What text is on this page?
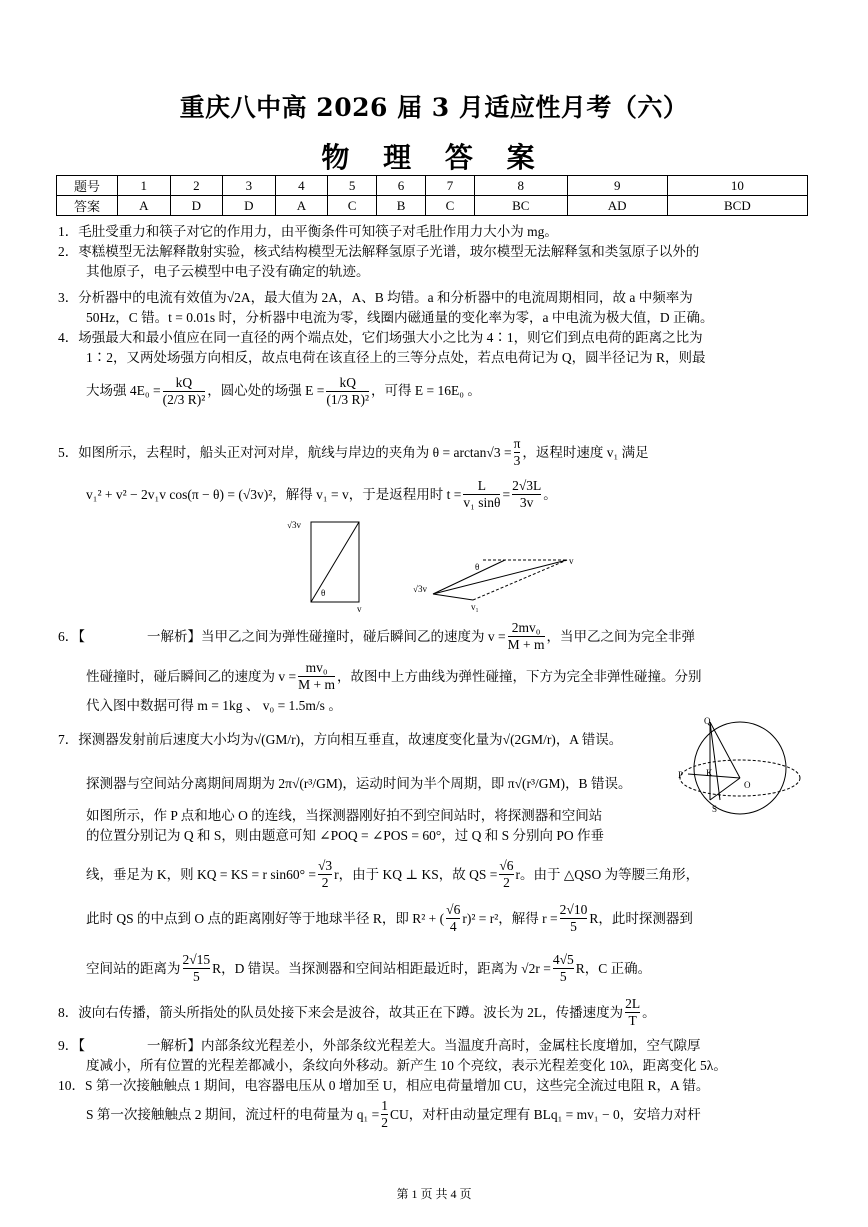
重庆八中高 2026 届 3 月适应性月考（六）
物 理 答 案
题号	1	2	3	4	5	6	7	8	9	10
答案	A	D	D	A	C	B	C	BC	AD	BCD
1．毛肚受重力和筷子对它的作用力，由平衡条件可知筷子对毛肚作用力大小为 mg。
2．枣糕模型无法解释散射实验，核式结构模型无法解释氢原子光谱，玻尔模型无法解释氢和类氢原子以外的
其他原子，电子云模型中电子没有确定的轨迹。
3．分析器中的电流有效值为√2A，最大值为 2A，A、B 均错。a 和分析器中的电流周期相同，故 a 中频率为
50Hz，C 错。t = 0.01s 时，分析器中电流为零，线圈内磁通量的变化率为零，a 中电流为极大值，D 正确。
4．场强最大和最小值应在同一直径的两个端点处，它们场强大小之比为 4∶1，则它们到点电荷的距离之比为
1∶2，又两处场强方向相反，故点电荷在该直径上的三等分点处，若点电荷记为 Q，圆半径记为 R，则最
大场强 $4E_0 = \frac{kQ}{\text{(2/3 R)²}}$ ，圆心处的场强 $E = \frac{kQ}{\text{(1/3 R)²}}$ ，可得 E = 16E₀ 。
5．如图所示，去程时，船头正对河对岸，航线与岸边的夹角为 $\theta = \arctan√3 = \frac{\pi}{3}$ ，返程时速度 v₁ 满足
v₁² + v² − 2v₁v cos(π − θ) = (√3v)²，解得 v₁ = v，于是返程用时 $t = \frac{L}{\text{v₁ sinθ}} = \frac{2√3L}{3v}$ 。
6．【	一解析】当甲乙之间为弹性碰撞时，碰后瞬间乙的速度为 $v = \frac{\text{2mv₀}}{M + m}$ ，当甲乙之间为完全非弹
性碰撞时，碰后瞬间乙的速度为 $v = \frac{\text{mv₀}}{M + m}$ ，故图中上方曲线为弹性碰撞，下方为完全非弹性碰撞。分别
代入图中数据可得 m = 1kg 、 v₀ = 1.5m/s 。
7．探测器发射前后速度大小均为 √(GM/r) ，方向相互垂直，故速度变化量为 √(2GM/r) ，A 错误。
探测器与空间站分离期间周期为 2π √(r³/GM) ，运动时间为半个周期，即 π √(r³/GM) ，B 错误。
如图所示，作 P 点和地心 O 的连线，当探测器刚好拍不到空间站时，将探测器和空间站
的位置分别记为 Q 和 S，则由题意可知 ∠POQ = ∠POS = 60°，过 Q 和 S 分别向 PO 作垂
线，垂足为 K，则 KQ = KS = r $\sin 60^\circ = \frac{√3}{2}$ r，由于 KQ ⊥ KS，故 QS = $\frac{√6}{2}$ r。由于 △QSO 为等腰三角形，
此时 QS 的中点到 O 点的距离刚好等于地球半径 R，即 R² + ( $\frac{√6}{4} r)^2 = r^2$，解得 $r = \frac{2√10}{5}$ R，此时探测器到
空间站的距离为 $\frac{2√15}{5}$ R，D 错误。当探测器和空间站相距最近时，距离为 $√2r = \frac{4√5}{5}$ R，C 正确。
8．波向右传播，箭头所指处的队员处接下来会是波谷，故其正在下蹲。波长为 2L，传播速度为 $\frac{2L}{T}$ 。
9．【	一解析】内部条纹光程差小，外部条纹光程差大。当温度升高时，金属柱长度增加，空气隙厚
度减小，所有位置的光程差都减小，条纹向外移动。新产生 10 个亮纹，表示光程差变化 10λ，距离变化 5λ。
10．S 第一次接触触点 1 期间，电容器电压从 0 增加至 U，相应电荷量增加 CU，这些完全流过电阻 R，A 错。
S 第一次接触触点 2 期间，流过杆的电荷量为 $q_1 = \frac{1}{2}$ CU，对杆由动量定理有 BLq₁ = mv₁ − 0，安培力对杆
√3v
θ
v
θ
v
√3v
v₁
Q
P	K
O
S
第 1 页 共 4 页
